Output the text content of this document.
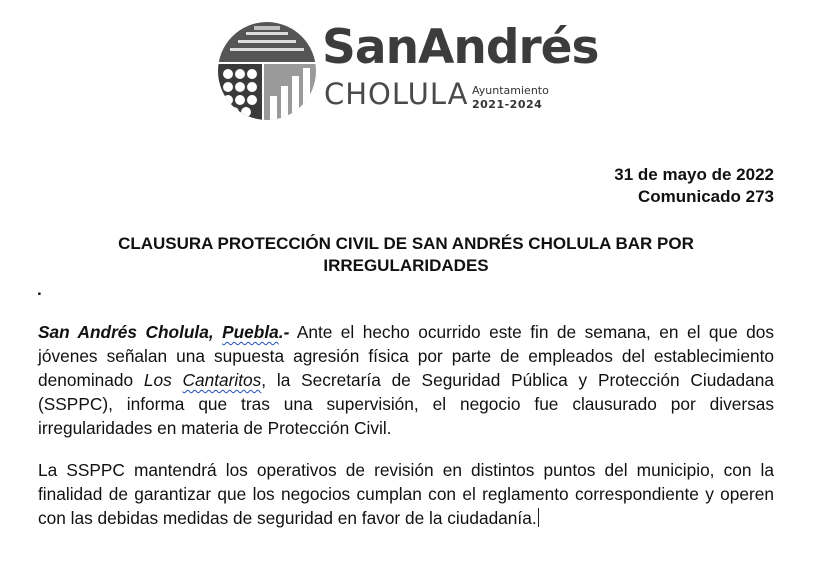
SanAndrés
CHOLULA Ayuntamiento
2021-2024
31 de mayo de 2022
Comunicado 273
CLAUSURA PROTECCIÓN CIVIL DE SAN ANDRÉS CHOLULA BAR POR
IRREGULARIDADES
.

San Andrés Cholula, Puebla.- Ante el hecho ocurrido este fin de semana, en el que dos jóvenes señalan una supuesta agresión física por parte de empleados del establecimiento denominado Los Cantaritos, la Secretaría de Seguridad Pública y Protección Ciudadana (SSPPC), informa que tras una supervisión, el negocio fue clausurado por diversas irregularidades en materia de Protección Civil.

La SSPPC mantendrá los operativos de revisión en distintos puntos del municipio, con la finalidad de garantizar que los negocios cumplan con el reglamento correspondiente y operen con las debidas medidas de seguridad en favor de la ciudadanía.
